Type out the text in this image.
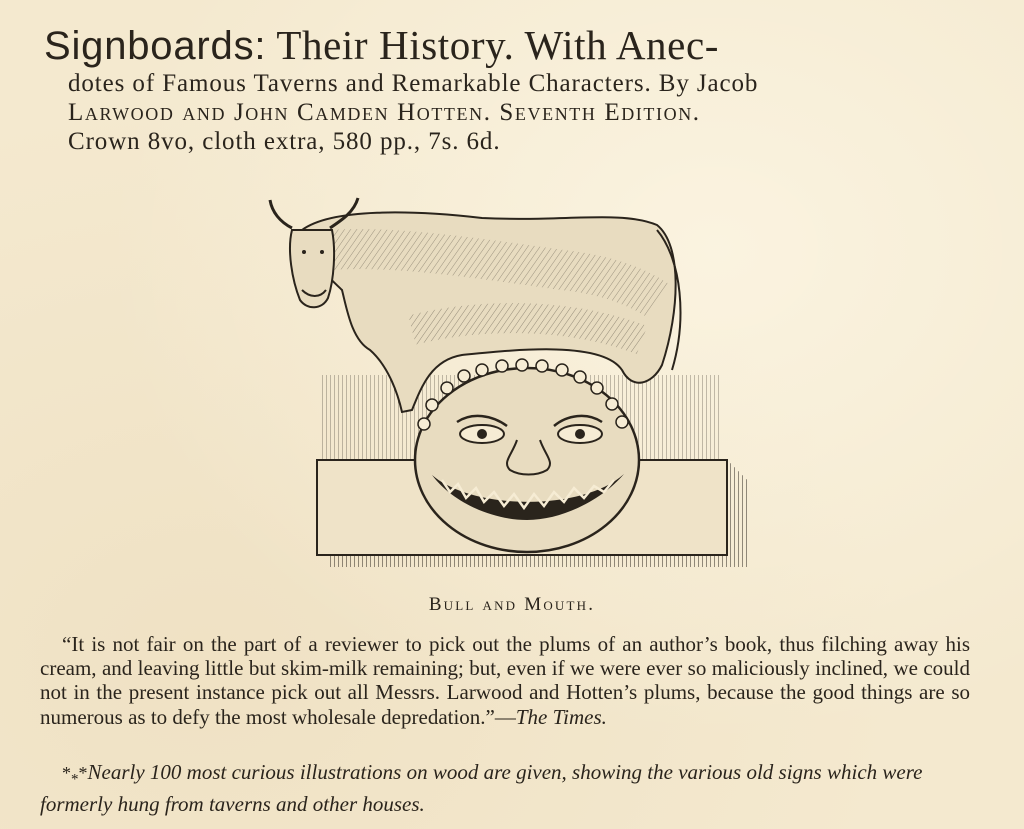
Signboards: Their History. With Anec-
dotes of Famous Taverns and Remarkable Characters. By Jacob
Larwood and John Camden Hotten. Seventh Edition.
Crown 8vo, cloth extra, 580 pp., 7s. 6d.
Bull and Mouth.
“It is not fair on the part of a reviewer to pick out the plums of an author’s book, thus filching away his cream, and leaving little but skim-milk remaining; but, even if we were ever so maliciously inclined, we could not in the present instance pick out all Messrs. Larwood and Hotten’s plums, because the good things are so numerous as to defy the most wholesale depredation.”—The Times.
$*_**Nearly$ 100 most curious illustrations on wood are given, showing the various old signs which were formerly hung from taverns and other houses.
